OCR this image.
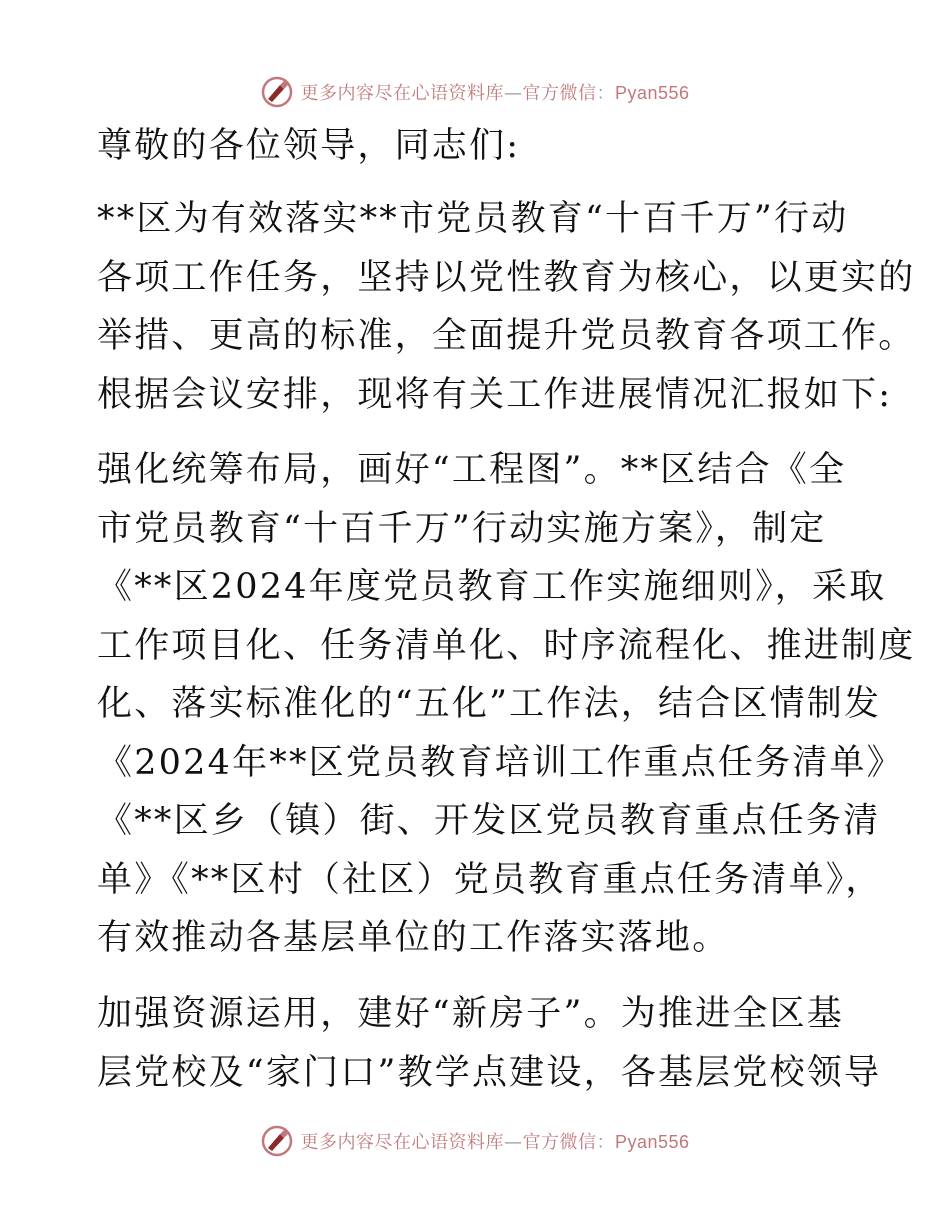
更多内容尽在心语资料库—官方微信：Pyan556

尊敬的各位领导，同志们:

**区为有效落实**市党员教育“十百千万”行动
各项工作任务，坚持以党性教育为核心，以更实的
举措、更高的标准，全面提升党员教育各项工作。
根据会议安排，现将有关工作进展情况汇报如下:

强化统筹布局，画好“工程图”。**区结合《全
市党员教育“十百千万”行动实施方案》，制定
《**区2024年度党员教育工作实施细则》，采取
工作项目化、任务清单化、时序流程化、推进制度
化、落实标准化的“五化”工作法，结合区情制发
《2024年**区党员教育培训工作重点任务清单》
《**区乡（镇）街、开发区党员教育重点任务清
单》《**区村（社区）党员教育重点任务清单》，
有效推动各基层单位的工作落实落地。

加强资源运用，建好“新房子”。为推进全区基
层党校及“家门口”教学点建设，各基层党校领导

更多内容尽在心语资料库—官方微信：Pyan556
